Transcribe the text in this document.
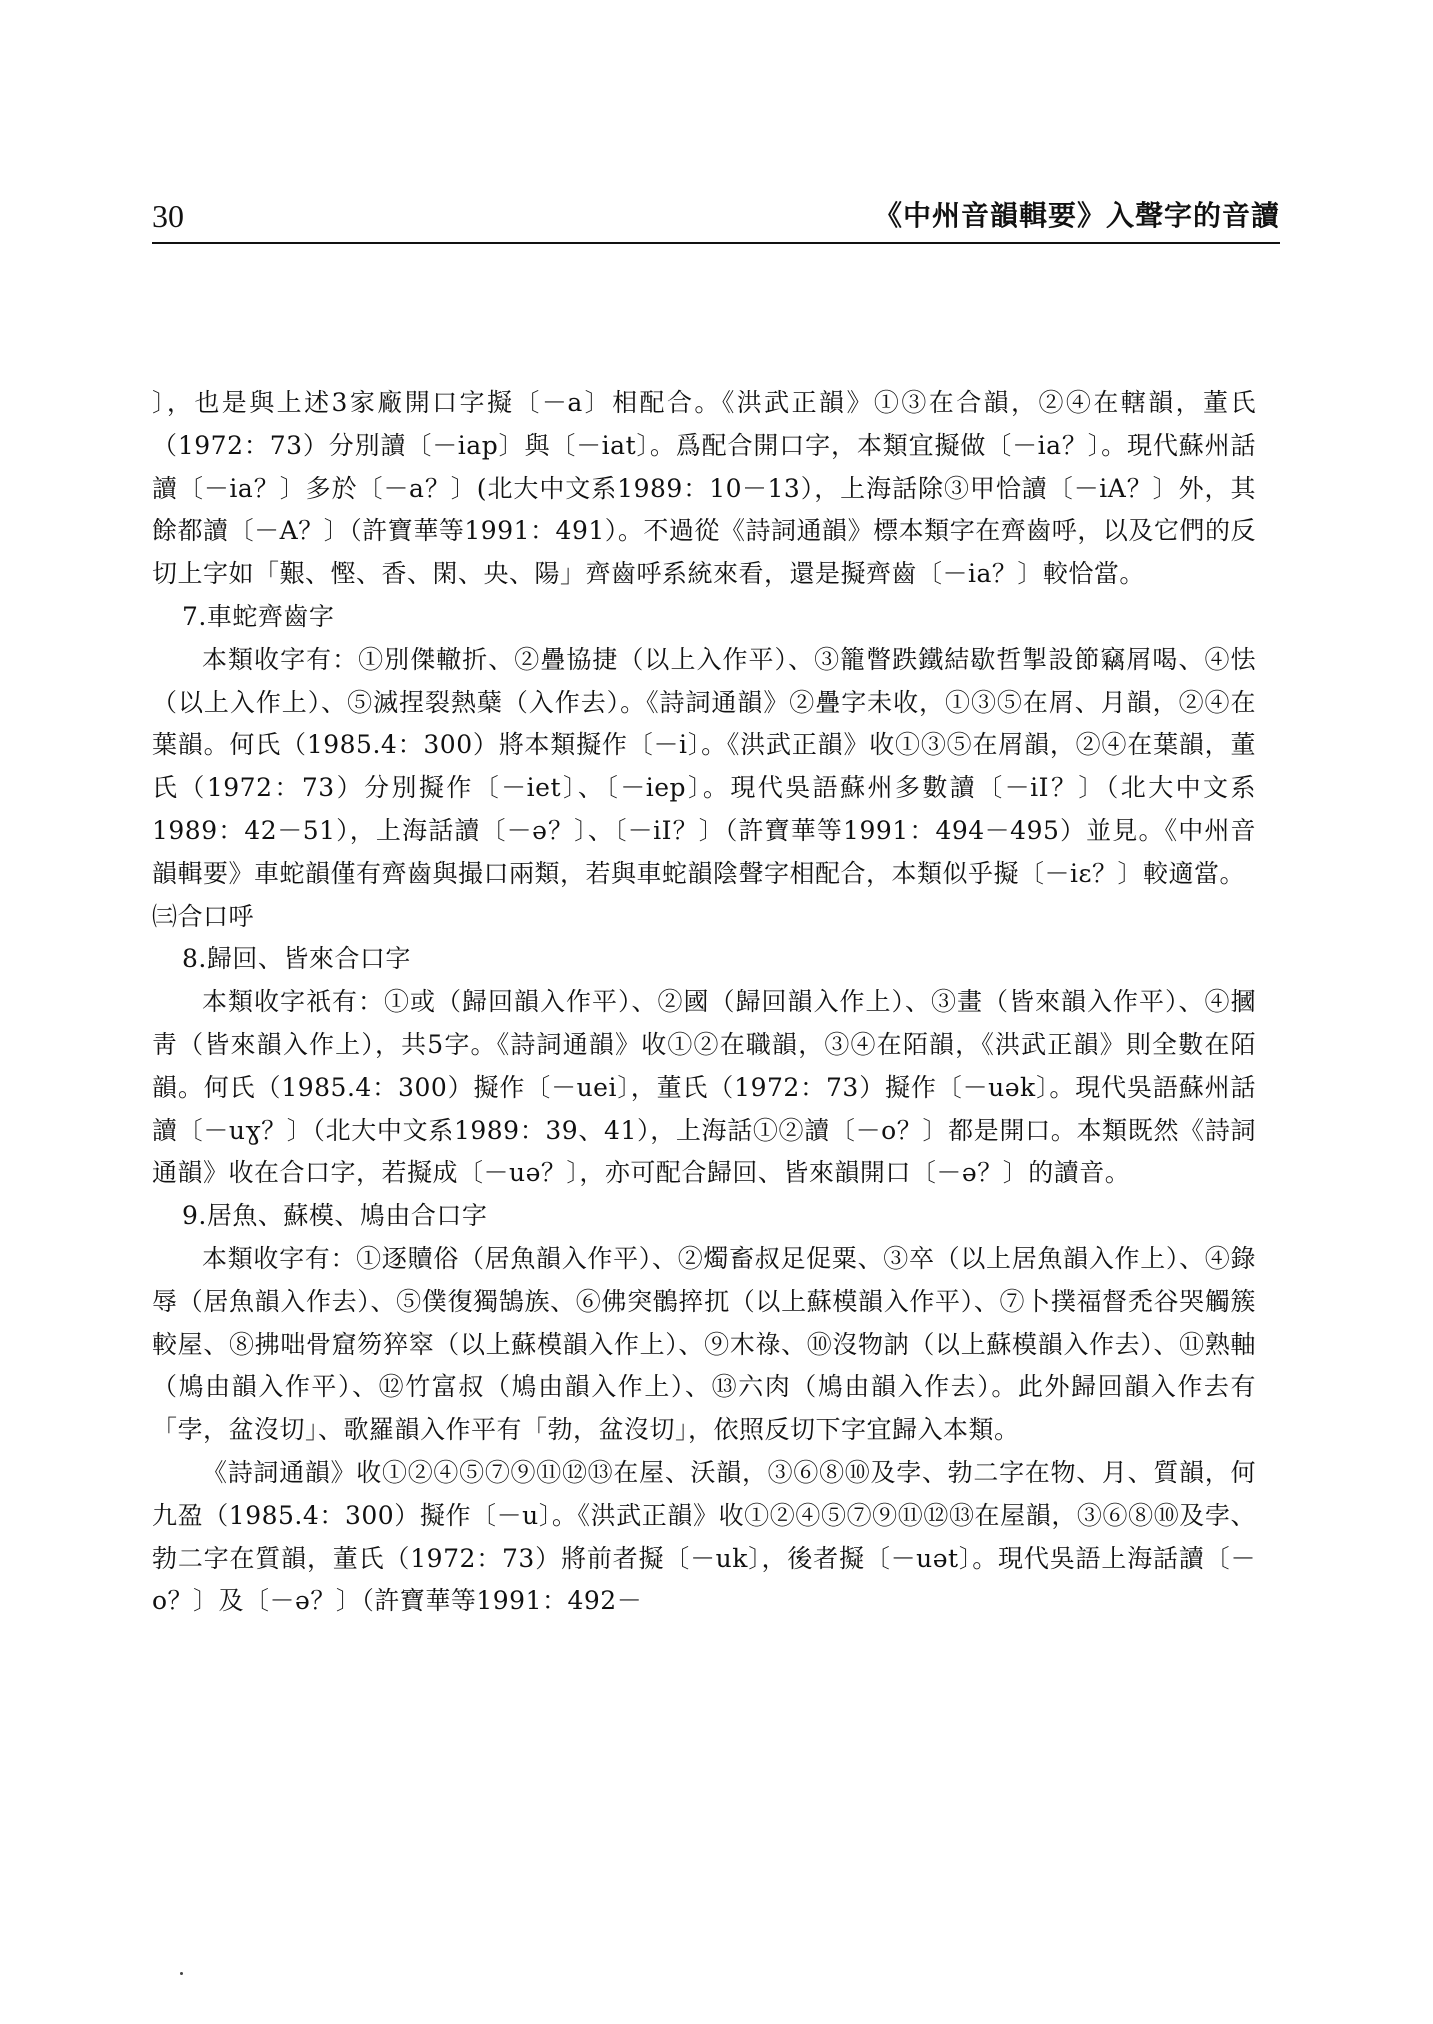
30	《中州音韻輯要》入聲字的音讀

〕，也是與上述3家廠開口字擬〔－a〕相配合。《洪武正韻》①③在合韻，②④在轄韻，董氏（1972：73）分別讀〔－iap〕與〔－iat〕。爲配合開口字，本類宜擬做〔－ia？〕。現代蘇州話讀〔－ia？〕多於〔－a？〕(北大中文系1989：10－13），上海話除③甲恰讀〔－iA？〕外，其餘都讀〔－A？〕（許寶華等1991：491）。不過從《詩詞通韻》標本類字在齊齒呼，以及它們的反切上字如「艱、慳、香、閑、央、陽」齊齒呼系統來看，還是擬齊齒〔－ia？〕較恰當。

7.車蛇齊齒字

本類收字有：①別傑轍折、②疊協捷（以上入作平）、③籠瞥跌鐵結歇哲掣設節竊屑喝、④怯（以上入作上）、⑤滅捏裂熱蘖（入作去）。《詩詞通韻》②疊字未收，①③⑤在屑、月韻，②④在葉韻。何氏（1985.4：300）將本類擬作〔－i〕。《洪武正韻》收①③⑤在屑韻，②④在葉韻，董氏（1972：73）分別擬作〔－iet〕、〔－iep〕。現代吳語蘇州多數讀〔－iI？〕（北大中文系1989：42－51），上海話讀〔－ə？〕、〔－iI？〕（許寶華等1991：494－495）並見。《中州音韻輯要》車蛇韻僅有齊齒與撮口兩類，若與車蛇韻陰聲字相配合，本類似乎擬〔－iɛ？〕較適當。

㈢合口呼

8.歸回、皆來合口字

本類收字祇有：①或（歸回韻入作平）、②國（歸回韻入作上）、③畫（皆來韻入作平）、④摑靑（皆來韻入作上），共5字。《詩詞通韻》收①②在職韻，③④在陌韻，《洪武正韻》則全數在陌韻。何氏（1985.4：300）擬作〔－uei〕，董氏（1972：73）擬作〔－uək〕。現代吳語蘇州話讀〔－uɣ？〕（北大中文系1989：39、41），上海話①②讀〔－o？〕都是開口。本類既然《詩詞通韻》收在合口字，若擬成〔－uə？〕，亦可配合歸回、皆來韻開口〔－ə？〕的讀音。

9.居魚、蘇模、鳩由合口字

本類收字有：①逐贖俗（居魚韻入作平）、②燭畜叔足促粟、③卒（以上居魚韻入作上）、④錄辱（居魚韻入作去）、⑤僕復獨鵠族、⑥佛突鶻捽扤（以上蘇模韻入作平）、⑦卜撲福督禿谷哭觸簇較屋、⑧拂咄骨窟笏猝窣（以上蘇模韻入作上）、⑨木祿、⑩沒物訥（以上蘇模韻入作去）、⑪熟軸（鳩由韻入作平）、⑫竹富叔（鳩由韻入作上）、⑬六肉（鳩由韻入作去）。此外歸回韻入作去有「孛，盆沒切」、歌羅韻入作平有「勃，盆沒切」，依照反切下字宜歸入本類。

《詩詞通韻》收①②④⑤⑦⑨⑪⑫⑬在屋、沃韻，③⑥⑧⑩及孛、勃二字在物、月、質韻，何九盈（1985.4：300）擬作〔－u〕。《洪武正韻》收①②④⑤⑦⑨⑪⑫⑬在屋韻，③⑥⑧⑩及孛、勃二字在質韻，董氏（1972：73）將前者擬〔－uk〕，後者擬〔－uət〕。現代吳語上海話讀〔－o？〕及〔－ə？〕（許寶華等1991：492－
